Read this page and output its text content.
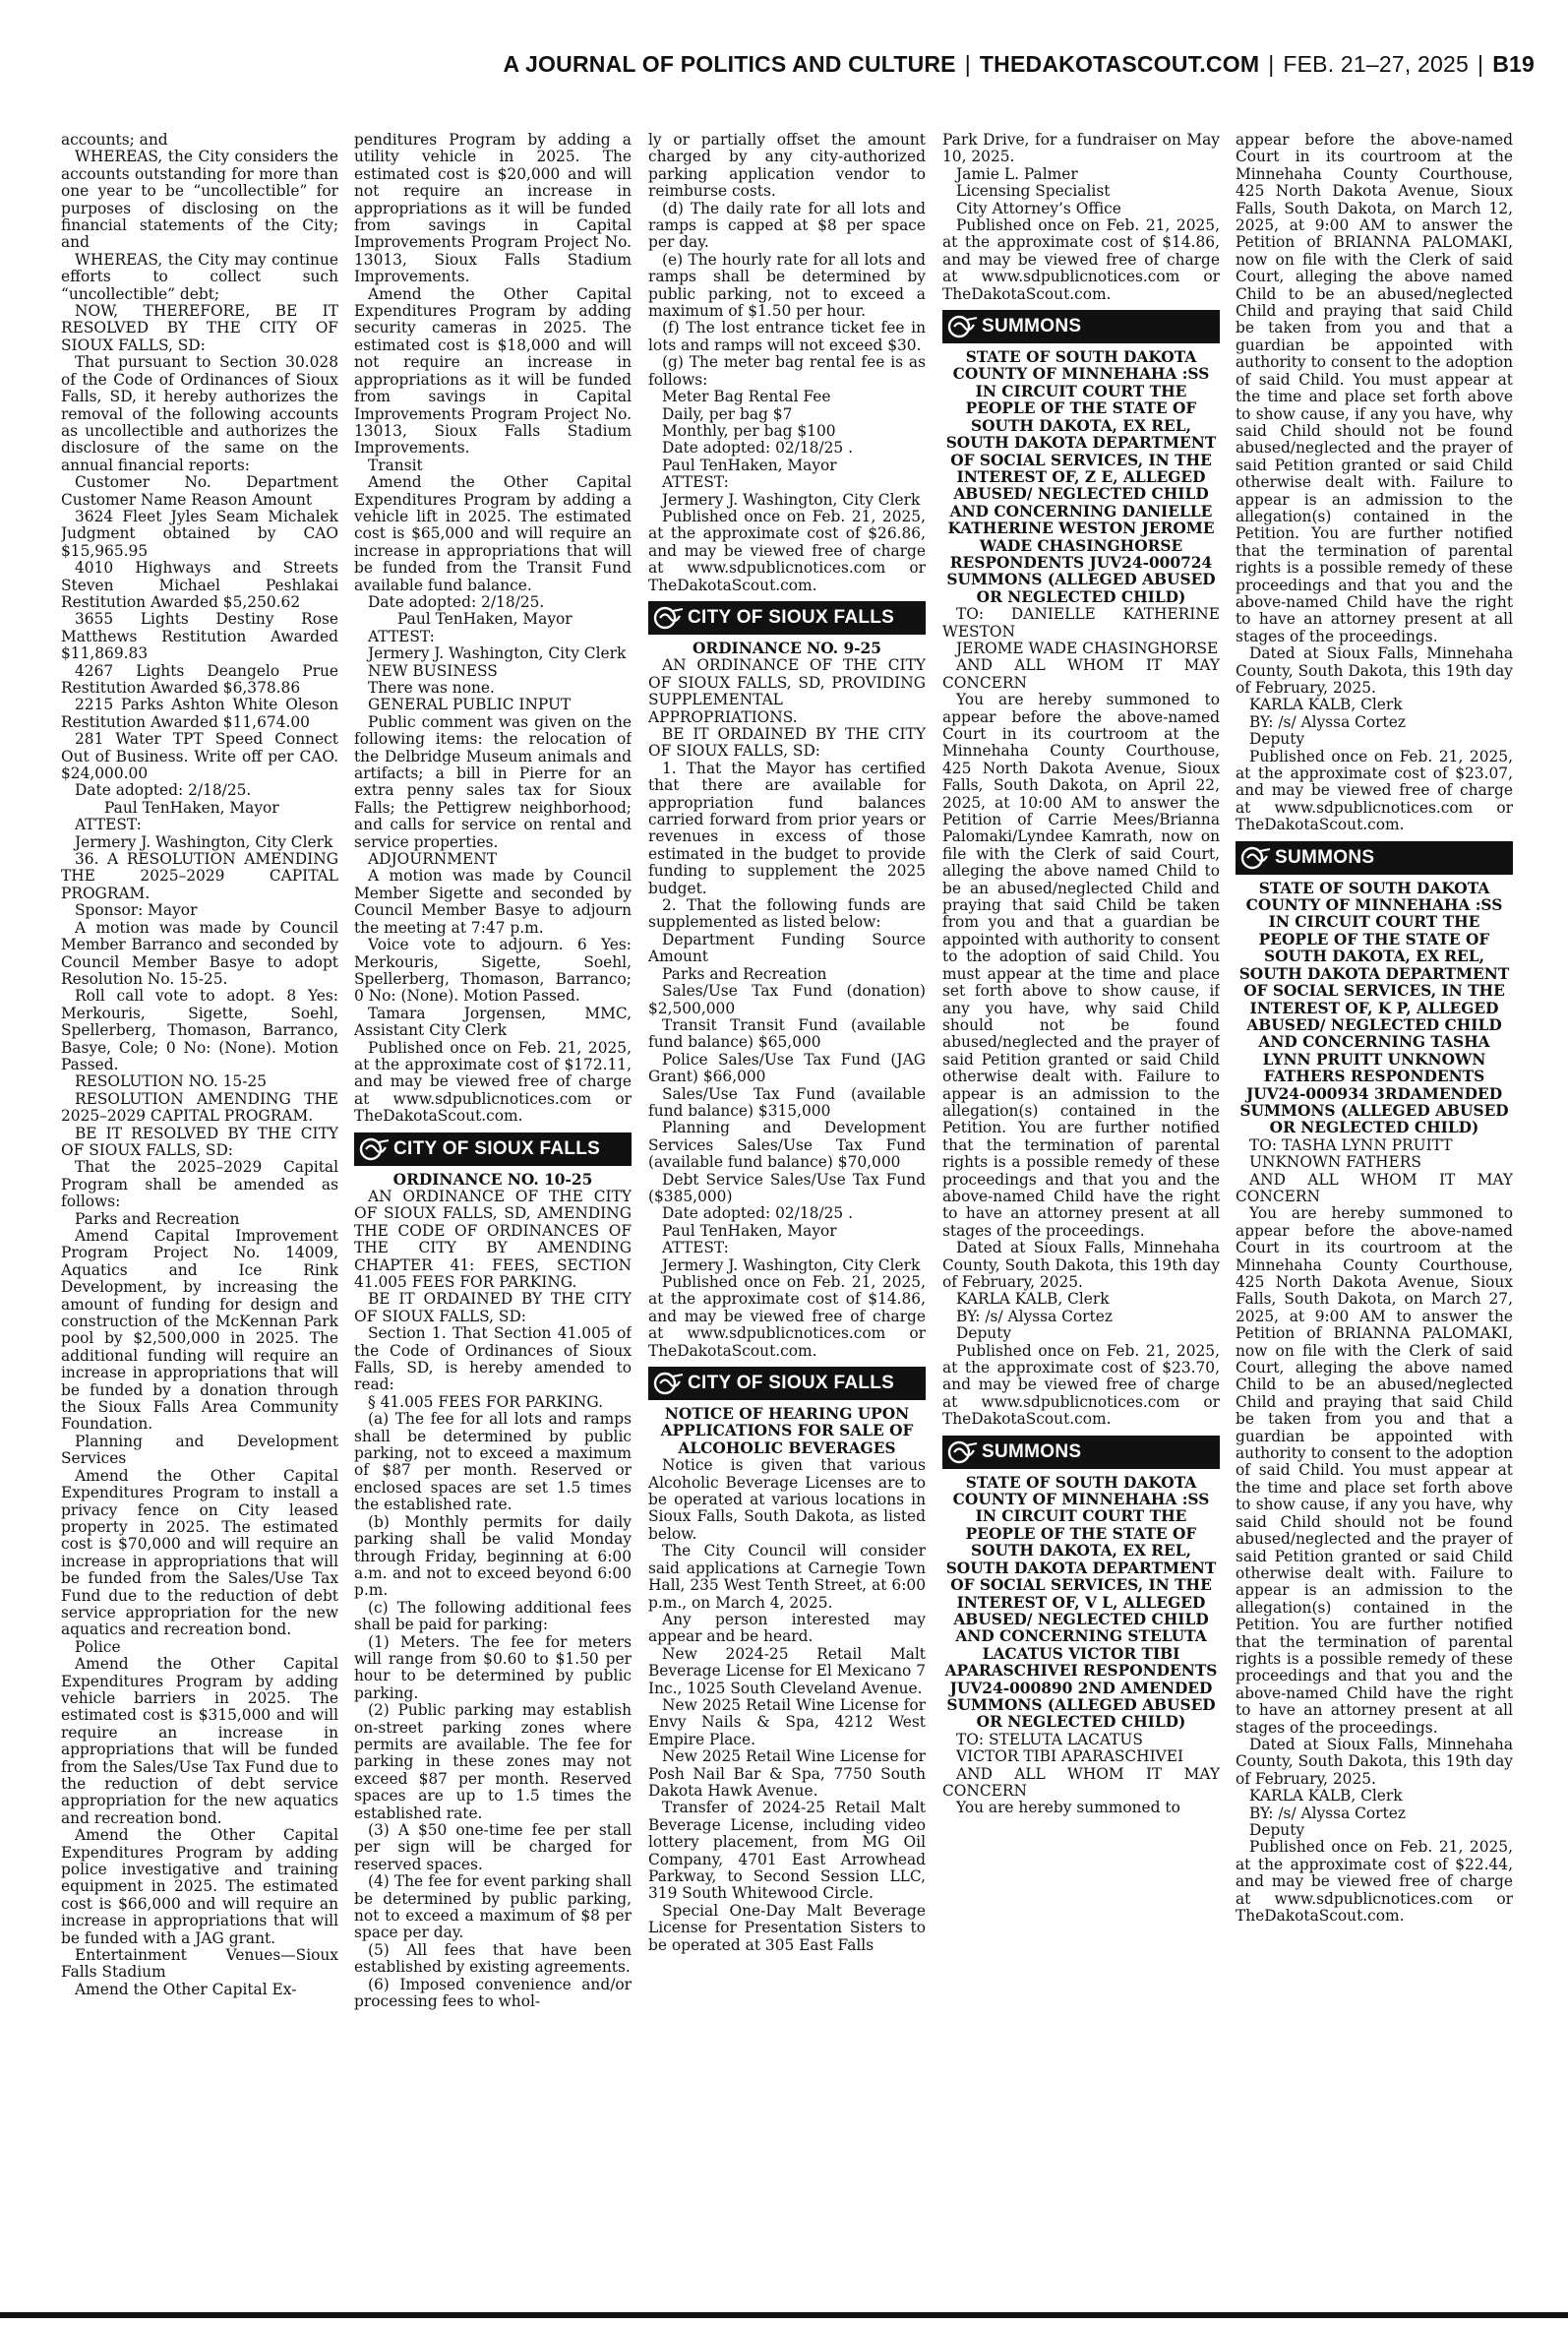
A JOURNAL OF POLITICS AND CULTURE | THEDAKOTASCOUT.COM | FEB. 21–27, 2025 | B19

accounts; and

WHEREAS, the City considers the accounts outstanding for more than one year to be “uncollectible” for purposes of disclosing on the financial statements of the City; and

WHEREAS, the City may continue efforts to collect such “uncollectible” debt;

NOW, THEREFORE, BE IT RESOLVED BY THE CITY OF SIOUX FALLS, SD:

That pursuant to Section 30.028 of the Code of Ordinances of Sioux Falls, SD, it hereby authorizes the removal of the following accounts as uncollectible and authorizes the disclosure of the same on the annual financial reports:

Customer No. Department Customer Name Reason Amount

3624 Fleet Jyles Seam Michalek Judgment obtained by CAO $15,965.95

4010 Highways and Streets Steven Michael Peshlakai Restitution Awarded $5,250.62

3655 Lights Destiny Rose Matthews Restitution Awarded $11,869.83

4267 Lights Deangelo Prue Restitution Awarded $6,378.86

2215 Parks Ashton White Oleson Restitution Awarded $11,674.00

281 Water TPT Speed Connect Out of Business. Write off per CAO. $24,000.00

Date adopted: 2/18/25.

Paul TenHaken, Mayor

ATTEST:

Jermery J. Washington, City Clerk

36. A RESOLUTION AMENDING THE 2025–2029 CAPITAL PROGRAM.

Sponsor: Mayor

A motion was made by Council Member Barranco and seconded by Council Member Basye to adopt Resolution No. 15-25.

Roll call vote to adopt. 8 Yes: Merkouris, Sigette, Soehl, Spellerberg, Thomason, Barranco, Basye, Cole; 0 No: (None). Motion Passed.

RESOLUTION NO. 15-25

RESOLUTION AMENDING THE 2025–2029 CAPITAL PROGRAM.

BE IT RESOLVED BY THE CITY OF SIOUX FALLS, SD:

That the 2025–2029 Capital Program shall be amended as follows:

Parks and Recreation

Amend Capital Improvement Program Project No. 14009, Aquatics and Ice Rink Development, by increasing the amount of funding for design and construction of the McKennan Park pool by $2,500,000 in 2025. The additional funding will require an increase in appropriations that will be funded by a donation through the Sioux Falls Area Community Foundation.

Planning and Development Services

Amend the Other Capital Expenditures Program to install a privacy fence on City leased property in 2025. The estimated cost is $70,000 and will require an increase in appropriations that will be funded from the Sales/Use Tax Fund due to the reduction of debt service appropriation for the new aquatics and recreation bond.

Police

Amend the Other Capital Expenditures Program by adding vehicle barriers in 2025. The estimated cost is $315,000 and will require an increase in appropriations that will be funded from the Sales/Use Tax Fund due to the reduction of debt service appropriation for the new aquatics and recreation bond.

Amend the Other Capital Expenditures Program by adding police investigative and training equipment in 2025. The estimated cost is $66,000 and will require an increase in appropriations that will be funded with a JAG grant.

Entertainment Venues—Sioux Falls Stadium

Amend the Other Capital Ex-

penditures Program by adding a utility vehicle in 2025. The estimated cost is $20,000 and will not require an increase in appropriations as it will be funded from savings in Capital Improvements Program Project No. 13013, Sioux Falls Stadium Improvements.

Amend the Other Capital Expenditures Program by adding security cameras in 2025. The estimated cost is $18,000 and will not require an increase in appropriations as it will be funded from savings in Capital Improvements Program Project No. 13013, Sioux Falls Stadium Improvements.

Transit

Amend the Other Capital Expenditures Program by adding a vehicle lift in 2025. The estimated cost is $65,000 and will require an increase in appropriations that will be funded from the Transit Fund available fund balance.

Date adopted: 2/18/25.

Paul TenHaken, Mayor

ATTEST:

Jermery J. Washington, City Clerk

NEW BUSINESS

There was none.

GENERAL PUBLIC INPUT

Public comment was given on the following items: the relocation of the Delbridge Museum animals and artifacts; a bill in Pierre for an extra penny sales tax for Sioux Falls; the Pettigrew neighborhood; and calls for service on rental and service properties.

ADJOURNMENT

A motion was made by Council Member Sigette and seconded by Council Member Basye to adjourn the meeting at 7:47 p.m.

Voice vote to adjourn. 6 Yes: Merkouris, Sigette, Soehl, Spellerberg, Thomason, Barranco; 0 No: (None). Motion Passed.

Tamara Jorgensen, MMC, Assistant City Clerk

Published once on Feb. 21, 2025, at the approximate cost of $172.11, and may be viewed free of charge at www.sdpublicnotices.com or TheDakotaScout.com.

CITY OF SIOUX FALLS

ORDINANCE NO. 10-25

AN ORDINANCE OF THE CITY OF SIOUX FALLS, SD, AMENDING THE CODE OF ORDINANCES OF THE CITY BY AMENDING CHAPTER 41: FEES, SECTION 41.005 FEES FOR PARKING.

BE IT ORDAINED BY THE CITY OF SIOUX FALLS, SD:

Section 1. That Section 41.005 of the Code of Ordinances of Sioux Falls, SD, is hereby amended to read:

§ 41.005 FEES FOR PARKING.

(a) The fee for all lots and ramps shall be determined by public parking, not to exceed a maximum of $87 per month. Reserved or enclosed spaces are set 1.5 times the established rate.

(b) Monthly permits for daily parking shall be valid Monday through Friday, beginning at 6:00 a.m. and not to exceed beyond 6:00 p.m.

(c) The following additional fees shall be paid for parking:

(1) Meters. The fee for meters will range from $0.60 to $1.50 per hour to be determined by public parking.

(2) Public parking may establish on-street parking zones where permits are available. The fee for parking in these zones may not exceed $87 per month. Reserved spaces are up to 1.5 times the established rate.

(3) A $50 one-time fee per stall per sign will be charged for reserved spaces.

(4) The fee for event parking shall be determined by public parking, not to exceed a maximum of $8 per space per day.

(5) All fees that have been established by existing agreements.

(6) Imposed convenience and/or processing fees to whol-

ly or partially offset the amount charged by any city-authorized parking application vendor to reimburse costs.

(d) The daily rate for all lots and ramps is capped at $8 per space per day.

(e) The hourly rate for all lots and ramps shall be determined by public parking, not to exceed a maximum of $1.50 per hour.

(f) The lost entrance ticket fee in lots and ramps will not exceed $30.

(g) The meter bag rental fee is as follows:

Meter Bag Rental Fee

Daily, per bag $7

Monthly, per bag $100

Date adopted: 02/18/25 .

Paul TenHaken, Mayor

ATTEST:

Jermery J. Washington, City Clerk

Published once on Feb. 21, 2025, at the approximate cost of $26.86, and may be viewed free of charge at www.sdpublicnotices.com or TheDakotaScout.com.

CITY OF SIOUX FALLS

ORDINANCE NO. 9-25

AN ORDINANCE OF THE CITY OF SIOUX FALLS, SD, PROVIDING SUPPLEMENTAL APPROPRIATIONS.

BE IT ORDAINED BY THE CITY OF SIOUX FALLS, SD:

1. That the Mayor has certified that there are available for appropriation fund balances carried forward from prior years or revenues in excess of those estimated in the budget to provide funding to supplement the 2025 budget.

2. That the following funds are supplemented as listed below:

Department Funding Source Amount

Parks and Recreation

Sales/Use Tax Fund (donation) $2,500,000

Transit Transit Fund (available fund balance) $65,000

Police Sales/Use Tax Fund (JAG Grant) $66,000

Sales/Use Tax Fund (available fund balance) $315,000

Planning and Development Services Sales/Use Tax Fund (available fund balance) $70,000

Debt Service Sales/Use Tax Fund ($385,000)

Date adopted: 02/18/25 .

Paul TenHaken, Mayor

ATTEST:

Jermery J. Washington, City Clerk

Published once on Feb. 21, 2025, at the approximate cost of $14.86, and may be viewed free of charge at www.sdpublicnotices.com or TheDakotaScout.com.

CITY OF SIOUX FALLS

NOTICE OF HEARING UPON APPLICATIONS FOR SALE OF ALCOHOLIC BEVERAGES

Notice is given that various Alcoholic Beverage Licenses are to be operated at various locations in Sioux Falls, South Dakota, as listed below.

The City Council will consider said applications at Carnegie Town Hall, 235 West Tenth Street, at 6:00 p.m., on March 4, 2025.

Any person interested may appear and be heard.

New 2024-25 Retail Malt Beverage License for El Mexicano 7 Inc., 1025 South Cleveland Avenue.

New 2025 Retail Wine License for Envy Nails & Spa, 4212 West Empire Place.

New 2025 Retail Wine License for Posh Nail Bar & Spa, 7750 South Dakota Hawk Avenue.

Transfer of 2024-25 Retail Malt Beverage License, including video lottery placement, from MG Oil Company, 4701 East Arrowhead Parkway, to Second Session LLC, 319 South Whitewood Circle.

Special One-Day Malt Beverage License for Presentation Sisters to be operated at 305 East Falls

Park Drive, for a fundraiser on May 10, 2025.

Jamie L. Palmer

Licensing Specialist

City Attorney’s Office

Published once on Feb. 21, 2025, at the approximate cost of $14.86, and may be viewed free of charge at www.sdpublicnotices.com or TheDakotaScout.com.

SUMMONS

STATE OF SOUTH DAKOTA COUNTY OF MINNEHAHA :SS IN CIRCUIT COURT THE PEOPLE OF THE STATE OF SOUTH DAKOTA, EX REL, SOUTH DAKOTA DEPARTMENT OF SOCIAL SERVICES, IN THE INTEREST OF, Z E, ALLEGED ABUSED/ NEGLECTED CHILD AND CONCERNING DANIELLE KATHERINE WESTON JEROME WADE CHASINGHORSE RESPONDENTS JUV24-000724 SUMMONS (ALLEGED ABUSED OR NEGLECTED CHILD)

TO: DANIELLE KATHERINE WESTON

JEROME WADE CHASINGHORSE

AND ALL WHOM IT MAY CONCERN

You are hereby summoned to appear before the above-named Court in its courtroom at the Minnehaha County Courthouse, 425 North Dakota Avenue, Sioux Falls, South Dakota, on April 22, 2025, at 10:00 AM to answer the Petition of Carrie Mees/Brianna Palomaki/Lyndee Kamrath, now on file with the Clerk of said Court, alleging the above named Child to be an abused/neglected Child and praying that said Child be taken from you and that a guardian be appointed with authority to consent to the adoption of said Child. You must appear at the time and place set forth above to show cause, if any you have, why said Child should not be found abused/neglected and the prayer of said Petition granted or said Child otherwise dealt with. Failure to appear is an admission to the allegation(s) contained in the Petition. You are further notified that the termination of parental rights is a possible remedy of these proceedings and that you and the above-named Child have the right to have an attorney present at all stages of the proceedings.

Dated at Sioux Falls, Minnehaha County, South Dakota, this 19th day of February, 2025.

KARLA KALB, Clerk

BY: /s/ Alyssa Cortez

Deputy

Published once on Feb. 21, 2025, at the approximate cost of $23.70, and may be viewed free of charge at www.sdpublicnotices.com or TheDakotaScout.com.

SUMMONS

STATE OF SOUTH DAKOTA COUNTY OF MINNEHAHA :SS IN CIRCUIT COURT THE PEOPLE OF THE STATE OF SOUTH DAKOTA, EX REL, SOUTH DAKOTA DEPARTMENT OF SOCIAL SERVICES, IN THE INTEREST OF, V L, ALLEGED ABUSED/ NEGLECTED CHILD AND CONCERNING STELUTA LACATUS VICTOR TIBI APARASCHIVEI RESPONDENTS JUV24-000890 2ND AMENDED SUMMONS (ALLEGED ABUSED OR NEGLECTED CHILD)

TO: STELUTA LACATUS

VICTOR TIBI APARASCHIVEI

AND ALL WHOM IT MAY CONCERN

You are hereby summoned to

appear before the above-named Court in its courtroom at the Minnehaha County Courthouse, 425 North Dakota Avenue, Sioux Falls, South Dakota, on March 12, 2025, at 9:00 AM to answer the Petition of BRIANNA PALOMAKI, now on file with the Clerk of said Court, alleging the above named Child to be an abused/neglected Child and praying that said Child be taken from you and that a guardian be appointed with authority to consent to the adoption of said Child. You must appear at the time and place set forth above to show cause, if any you have, why said Child should not be found abused/neglected and the prayer of said Petition granted or said Child otherwise dealt with. Failure to appear is an admission to the allegation(s) contained in the Petition. You are further notified that the termination of parental rights is a possible remedy of these proceedings and that you and the above-named Child have the right to have an attorney present at all stages of the proceedings.

Dated at Sioux Falls, Minnehaha County, South Dakota, this 19th day of February, 2025.

KARLA KALB, Clerk

BY: /s/ Alyssa Cortez

Deputy

Published once on Feb. 21, 2025, at the approximate cost of $23.07, and may be viewed free of charge at www.sdpublicnotices.com or TheDakotaScout.com.

SUMMONS

STATE OF SOUTH DAKOTA COUNTY OF MINNEHAHA :SS IN CIRCUIT COURT THE PEOPLE OF THE STATE OF SOUTH DAKOTA, EX REL, SOUTH DAKOTA DEPARTMENT OF SOCIAL SERVICES, IN THE INTEREST OF, K P, ALLEGED ABUSED/ NEGLECTED CHILD AND CONCERNING TASHA LYNN PRUITT UNKNOWN FATHERS RESPONDENTS JUV24-000934 3RDAMENDED SUMMONS (ALLEGED ABUSED OR NEGLECTED CHILD)

TO: TASHA LYNN PRUITT

UNKNOWN FATHERS

AND ALL WHOM IT MAY CONCERN

You are hereby summoned to appear before the above-named Court in its courtroom at the Minnehaha County Courthouse, 425 North Dakota Avenue, Sioux Falls, South Dakota, on March 27, 2025, at 9:00 AM to answer the Petition of BRIANNA PALOMAKI, now on file with the Clerk of said Court, alleging the above named Child to be an abused/neglected Child and praying that said Child be taken from you and that a guardian be appointed with authority to consent to the adoption of said Child. You must appear at the time and place set forth above to show cause, if any you have, why said Child should not be found abused/neglected and the prayer of said Petition granted or said Child otherwise dealt with. Failure to appear is an admission to the allegation(s) contained in the Petition. You are further notified that the termination of parental rights is a possible remedy of these proceedings and that you and the above-named Child have the right to have an attorney present at all stages of the proceedings.

Dated at Sioux Falls, Minnehaha County, South Dakota, this 19th day of February, 2025.

KARLA KALB, Clerk

BY: /s/ Alyssa Cortez

Deputy

Published once on Feb. 21, 2025, at the approximate cost of $22.44, and may be viewed free of charge at www.sdpublicnotices.com or TheDakotaScout.com.
